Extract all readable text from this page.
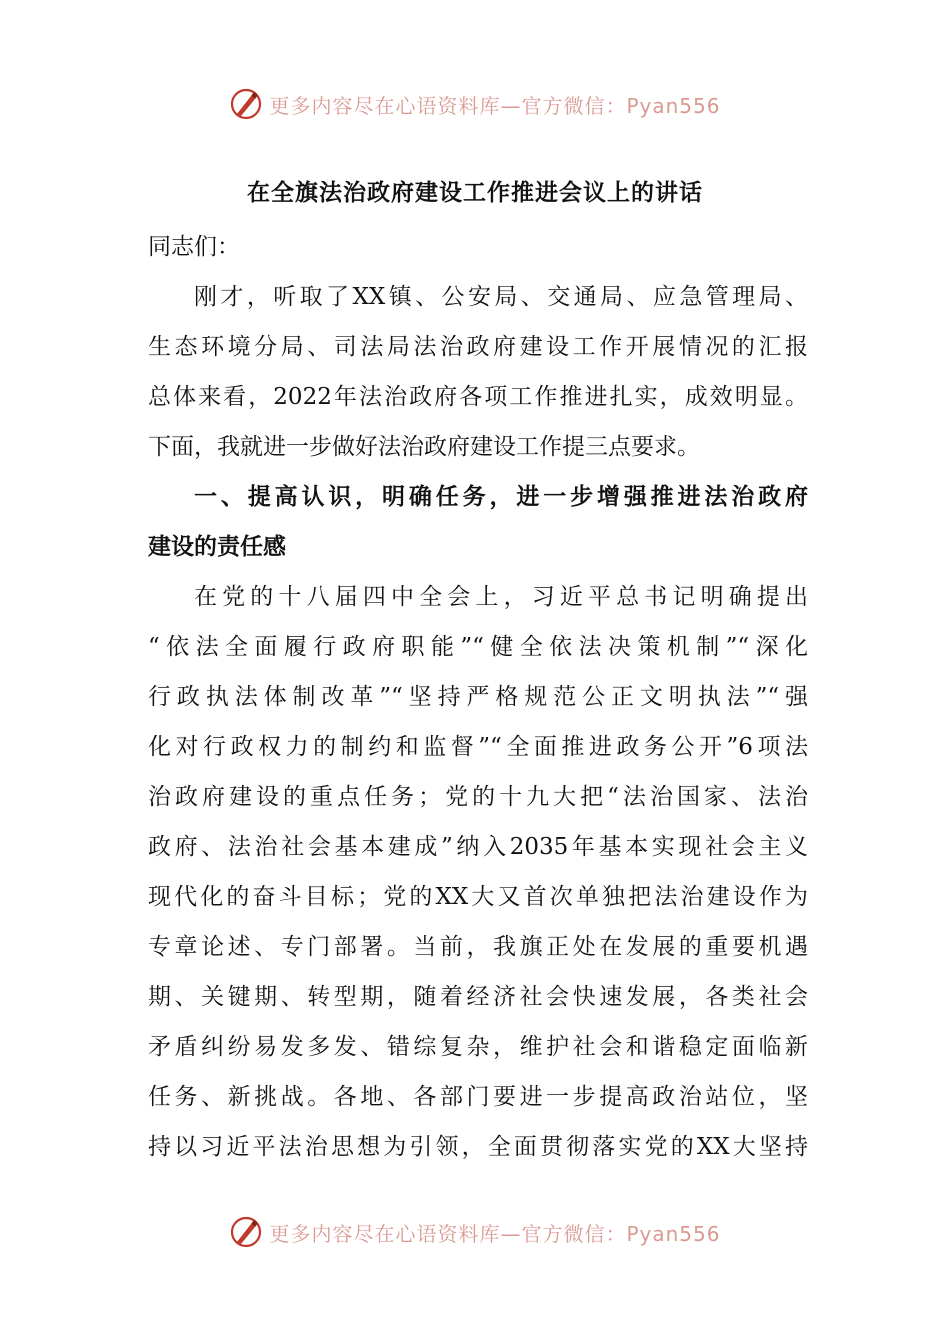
更多内容尽在心语资料库—官方微信：Pyan556
在全旗法治政府建设工作推进会议上的讲话
同志们：
刚才，听取了XX镇、公安局、交通局、应急管理局、
生态环境分局、司法局法治政府建设工作开展情况的汇报
总体来看，2022年法治政府各项工作推进扎实，成效明显。
下面，我就进一步做好法治政府建设工作提三点要求。
一、提高认识，明确任务，进一步增强推进法治政府
建设的责任感
在党的十八届四中全会上，习近平总书记明确提出
“依法全面履行政府职能”“健全依法决策机制”“深化
行政执法体制改革”“坚持严格规范公正文明执法”“强
化对行政权力的制约和监督”“全面推进政务公开”6项法
治政府建设的重点任务；党的十九大把“法治国家、法治
政府、法治社会基本建成”纳入2035年基本实现社会主义
现代化的奋斗目标；党的XX大又首次单独把法治建设作为
专章论述、专门部署。当前，我旗正处在发展的重要机遇
期、关键期、转型期，随着经济社会快速发展，各类社会
矛盾纠纷易发多发、错综复杂，维护社会和谐稳定面临新
任务、新挑战。各地、各部门要进一步提高政治站位，坚
持以习近平法治思想为引领，全面贯彻落实党的XX大坚持
更多内容尽在心语资料库—官方微信：Pyan556
